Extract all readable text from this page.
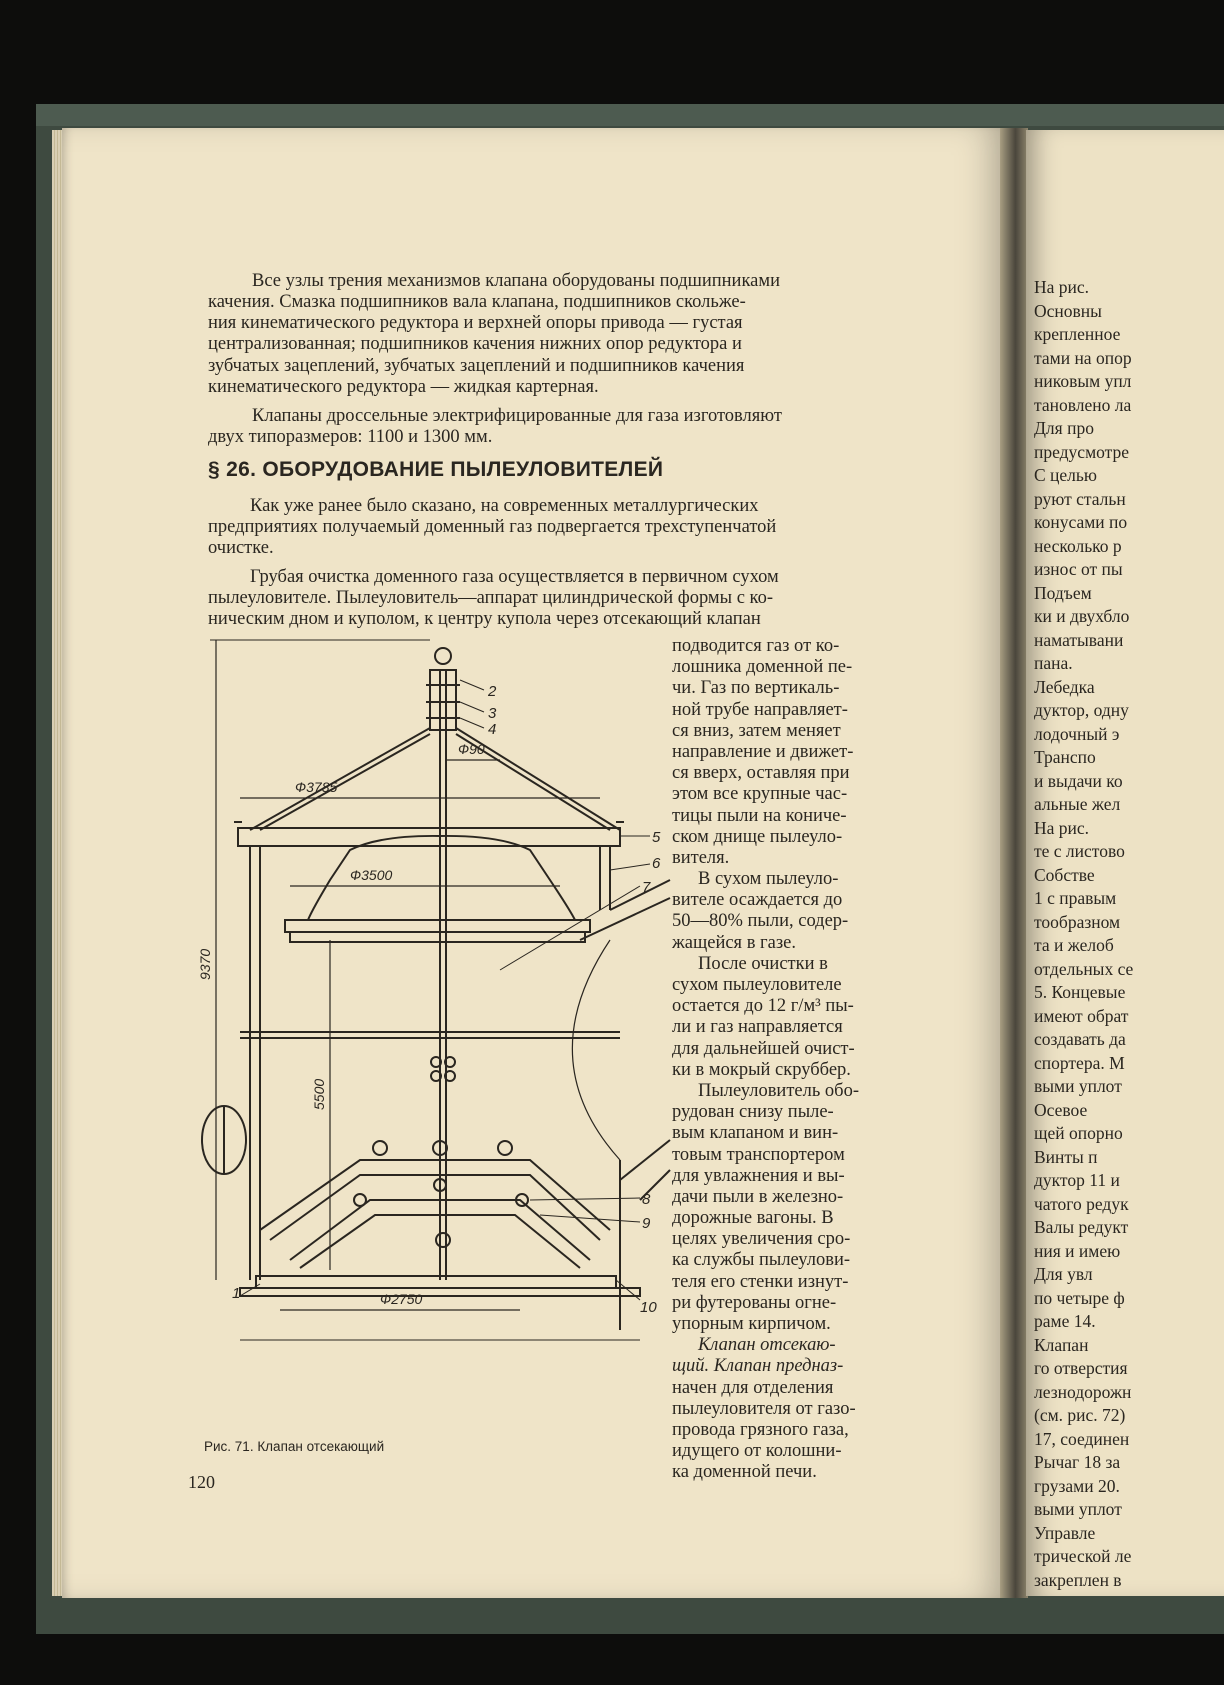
На рис.
Основны
крепленное
тами на опор
никовым упл
тановлено ла
Для про
предусмотре
С целью
руют стальн
конусами по
несколько р
износ от пы
Подъем
ки и двухбло
наматывани
пана.
Лебедка
дуктор, одну
лодочный э
Транспо
и выдачи ко
альные жел
На рис.
те с листово
Собстве
1 с правым
тообразном
та и желоб
отдельных се
5. Концевые
имеют обрат
создавать да
спортера. М
выми уплот
Осевое
щей опорно
Винты п
дуктор 11 и
чатого редук
Валы редукт
ния и имею
Для увл
по четыре ф
раме 14.
Клапан
го отверстия
лезнодорожн
(см. рис. 72)
17, соединен
Рычаг 18 за
грузами 20.
выми уплот
Управле
трической ле
закреплен в
Все узлы трения механизмов клапана оборудованы подшипниками
качения. Смазка подшипников вала клапана, подшипников скольже-
ния кинематического редуктора и верхней опоры привода — густая
централизованная; подшипников качения нижних опор редуктора и
зубчатых зацеплений, зубчатых зацеплений и подшипников качения
кинематического редуктора — жидкая картерная.
Клапаны дроссельные электрифицированные для газа изготовляют
двух типоразмеров: 1100 и 1300 мм.
§ 26. ОБОРУДОВАНИЕ ПЫЛЕУЛОВИТЕЛЕЙ
Как уже ранее было сказано, на современных металлургических
предприятиях получаемый доменный газ подвергается трехступенчатой
очистке.
Грубая очистка доменного газа осуществляется в первичном сухом
пылеуловителе. Пылеуловитель—аппарат цилиндрической формы с ко-
ническим дном и куполом, к центру купола через отсекающий клапан
подводится газ от ко-
лошника доменной пе-
чи. Газ по вертикаль-
ной трубе направляет-
ся вниз, затем меняет
направление и движет-
ся вверх, оставляя при
этом все крупные час-
тицы пыли на кониче-
ском днище пылеуло-
вителя.
В сухом пылеуло-
вителе осаждается до
50—80% пыли, содер-
жащейся в газе.
После очистки в
сухом пылеуловителе
остается до 12 г/м³ пы-
ли и газ направляется
для дальнейшей очист-
ки в мокрый скруббер.
Пылеуловитель обо-
рудован снизу пыле-
вым клапаном и вин-
товым транспортером
для увлажнения и вы-
дачи пыли в железно-
дорожные вагоны. В
целях увеличения сро-
ка службы пылеулови-
теля его стенки изнут-
ри футерованы огне-
упорным кирпичом.
Клапан отсекаю-
щий. Клапан предназ-
начен для отделения
пылеуловителя от газо-
провода грязного газа,
идущего от колошни-
ка доменной печи.
Ф3785
Ф90
Ф3500
9370
5500
Ф2750
1
2
3
4
5
6
7
8
9
10
Рис. 71. Клапан отсекающий
120
